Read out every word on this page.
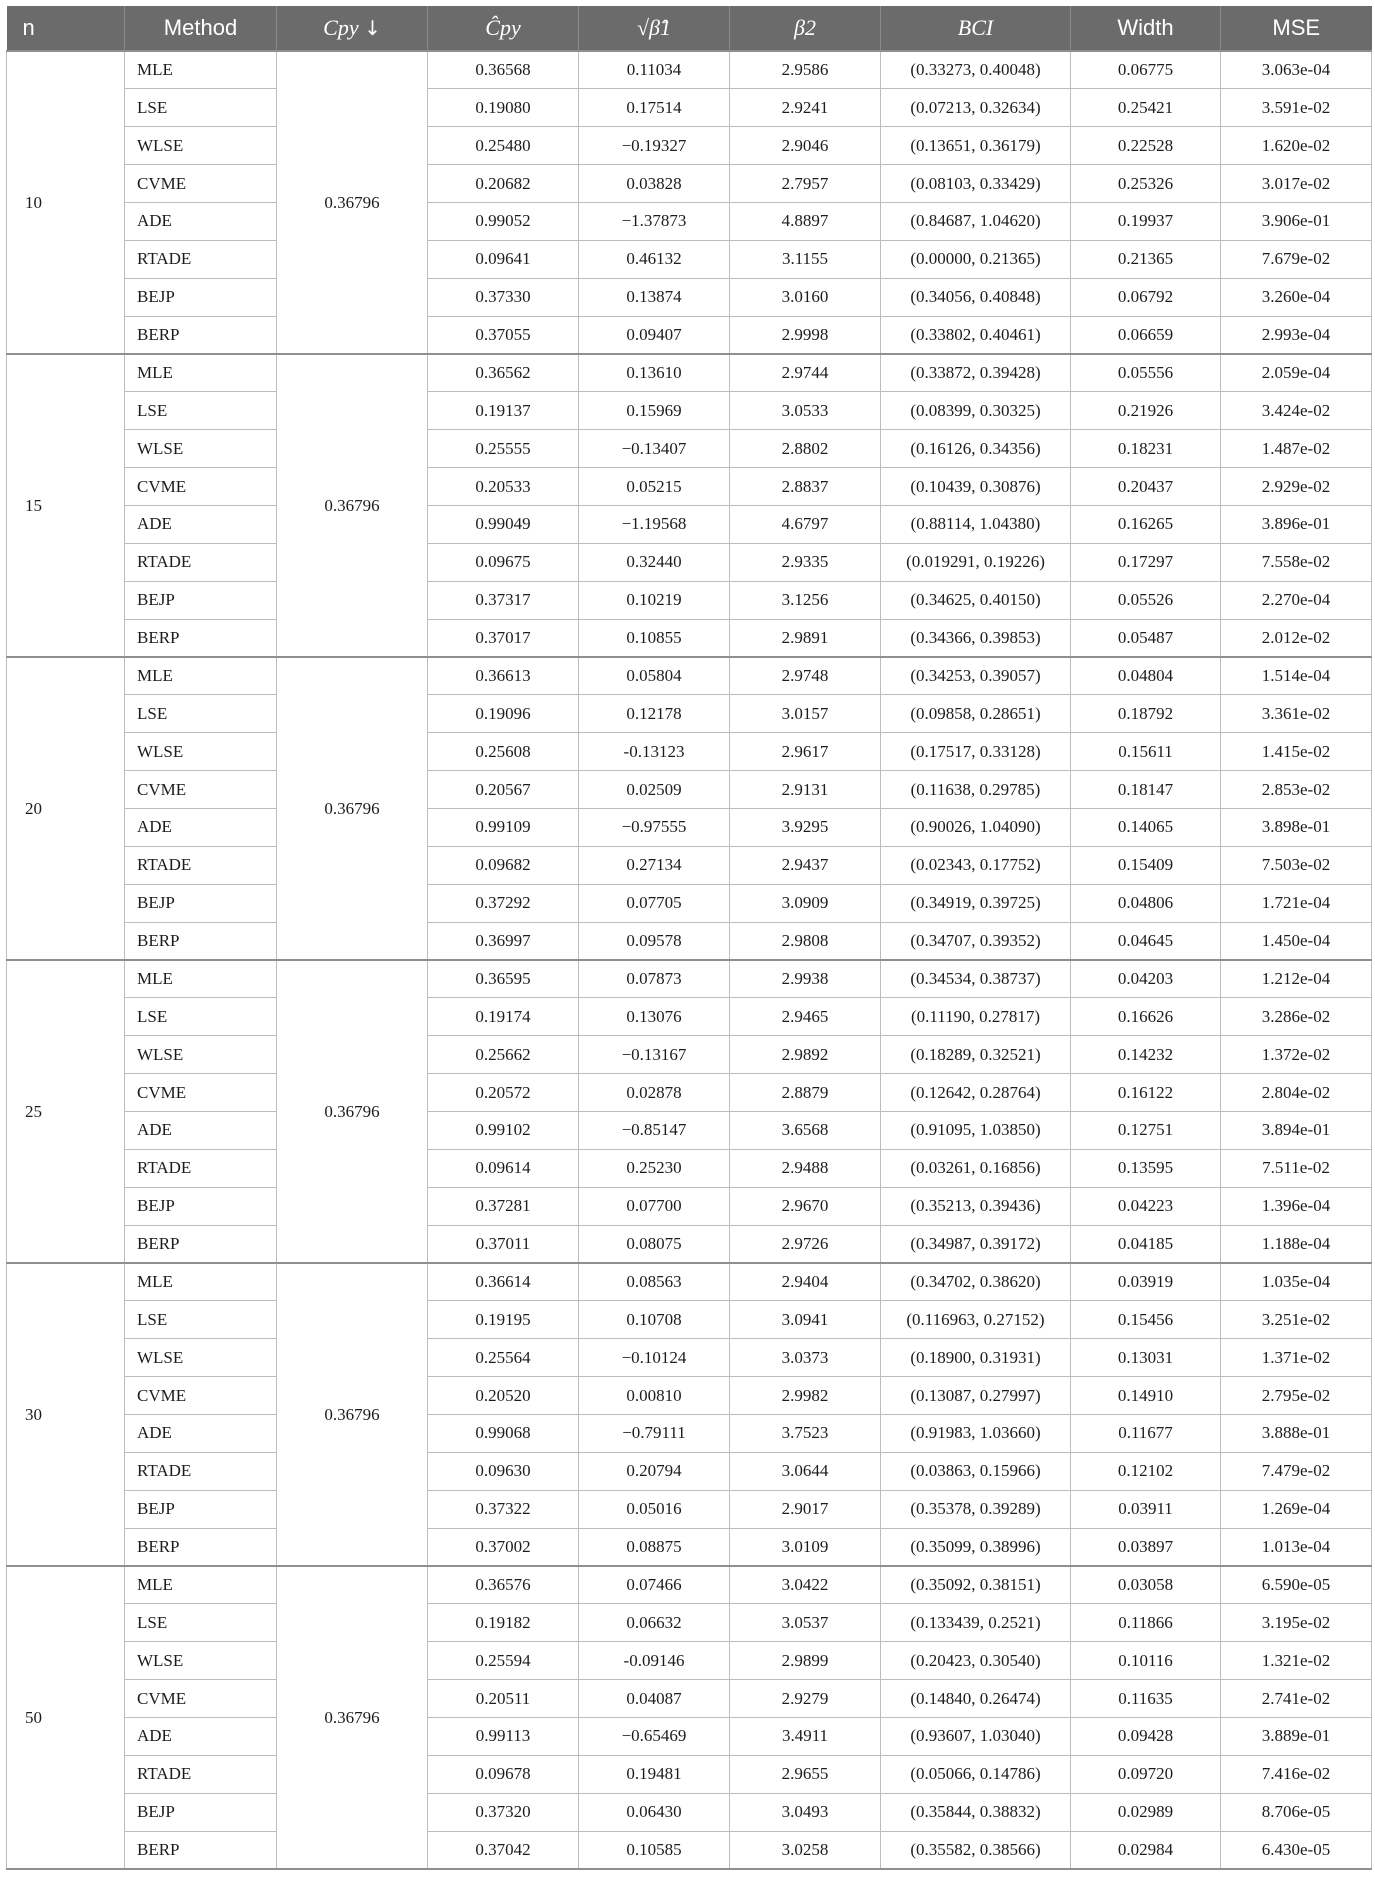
n	Method	Cpy ↓	Ĉpy	√β̂1	β2	BCI	Width	MSE
10	MLE	0.36796	0.36568	0.11034	2.9586	(0.33273, 0.40048)	0.06775	3.063e-04
	LSE		0.19080	0.17514	2.9241	(0.07213, 0.32634)	0.25421	3.591e-02
	WLSE		0.25480	−0.19327	2.9046	(0.13651, 0.36179)	0.22528	1.620e-02
	CVME		0.20682	0.03828	2.7957	(0.08103, 0.33429)	0.25326	3.017e-02
	ADE		0.99052	−1.37873	4.8897	(0.84687, 1.04620)	0.19937	3.906e-01
	RTADE		0.09641	0.46132	3.1155	(0.00000, 0.21365)	0.21365	7.679e-02
	BEJP		0.37330	0.13874	3.0160	(0.34056, 0.40848)	0.06792	3.260e-04
	BERP		0.37055	0.09407	2.9998	(0.33802, 0.40461)	0.06659	2.993e-04
15	MLE	0.36796	0.36562	0.13610	2.9744	(0.33872, 0.39428)	0.05556	2.059e-04
	LSE		0.19137	0.15969	3.0533	(0.08399, 0.30325)	0.21926	3.424e-02
	WLSE		0.25555	−0.13407	2.8802	(0.16126, 0.34356)	0.18231	1.487e-02
	CVME		0.20533	0.05215	2.8837	(0.10439, 0.30876)	0.20437	2.929e-02
	ADE		0.99049	−1.19568	4.6797	(0.88114, 1.04380)	0.16265	3.896e-01
	RTADE		0.09675	0.32440	2.9335	(0.019291, 0.19226)	0.17297	7.558e-02
	BEJP		0.37317	0.10219	3.1256	(0.34625, 0.40150)	0.05526	2.270e-04
	BERP		0.37017	0.10855	2.9891	(0.34366, 0.39853)	0.05487	2.012e-02
20	MLE	0.36796	0.36613	0.05804	2.9748	(0.34253, 0.39057)	0.04804	1.514e-04
	LSE		0.19096	0.12178	3.0157	(0.09858, 0.28651)	0.18792	3.361e-02
	WLSE		0.25608	-0.13123	2.9617	(0.17517, 0.33128)	0.15611	1.415e-02
	CVME		0.20567	0.02509	2.9131	(0.11638, 0.29785)	0.18147	2.853e-02
	ADE		0.99109	−0.97555	3.9295	(0.90026, 1.04090)	0.14065	3.898e-01
	RTADE		0.09682	0.27134	2.9437	(0.02343, 0.17752)	0.15409	7.503e-02
	BEJP		0.37292	0.07705	3.0909	(0.34919, 0.39725)	0.04806	1.721e-04
	BERP		0.36997	0.09578	2.9808	(0.34707, 0.39352)	0.04645	1.450e-04
25	MLE	0.36796	0.36595	0.07873	2.9938	(0.34534, 0.38737)	0.04203	1.212e-04
	LSE		0.19174	0.13076	2.9465	(0.11190, 0.27817)	0.16626	3.286e-02
	WLSE		0.25662	−0.13167	2.9892	(0.18289, 0.32521)	0.14232	1.372e-02
	CVME		0.20572	0.02878	2.8879	(0.12642, 0.28764)	0.16122	2.804e-02
	ADE		0.99102	−0.85147	3.6568	(0.91095, 1.03850)	0.12751	3.894e-01
	RTADE		0.09614	0.25230	2.9488	(0.03261, 0.16856)	0.13595	7.511e-02
	BEJP		0.37281	0.07700	2.9670	(0.35213, 0.39436)	0.04223	1.396e-04
	BERP		0.37011	0.08075	2.9726	(0.34987, 0.39172)	0.04185	1.188e-04
30	MLE	0.36796	0.36614	0.08563	2.9404	(0.34702, 0.38620)	0.03919	1.035e-04
	LSE		0.19195	0.10708	3.0941	(0.116963, 0.27152)	0.15456	3.251e-02
	WLSE		0.25564	−0.10124	3.0373	(0.18900, 0.31931)	0.13031	1.371e-02
	CVME		0.20520	0.00810	2.9982	(0.13087, 0.27997)	0.14910	2.795e-02
	ADE		0.99068	−0.79111	3.7523	(0.91983, 1.03660)	0.11677	3.888e-01
	RTADE		0.09630	0.20794	3.0644	(0.03863, 0.15966)	0.12102	7.479e-02
	BEJP		0.37322	0.05016	2.9017	(0.35378, 0.39289)	0.03911	1.269e-04
	BERP		0.37002	0.08875	3.0109	(0.35099, 0.38996)	0.03897	1.013e-04
50	MLE	0.36796	0.36576	0.07466	3.0422	(0.35092, 0.38151)	0.03058	6.590e-05
	LSE		0.19182	0.06632	3.0537	(0.133439, 0.2521)	0.11866	3.195e-02
	WLSE		0.25594	-0.09146	2.9899	(0.20423, 0.30540)	0.10116	1.321e-02
	CVME		0.20511	0.04087	2.9279	(0.14840, 0.26474)	0.11635	2.741e-02
	ADE		0.99113	−0.65469	3.4911	(0.93607, 1.03040)	0.09428	3.889e-01
	RTADE		0.09678	0.19481	2.9655	(0.05066, 0.14786)	0.09720	7.416e-02
	BEJP		0.37320	0.06430	3.0493	(0.35844, 0.38832)	0.02989	8.706e-05
	BERP		0.37042	0.10585	3.0258	(0.35582, 0.38566)	0.02984	6.430e-05
